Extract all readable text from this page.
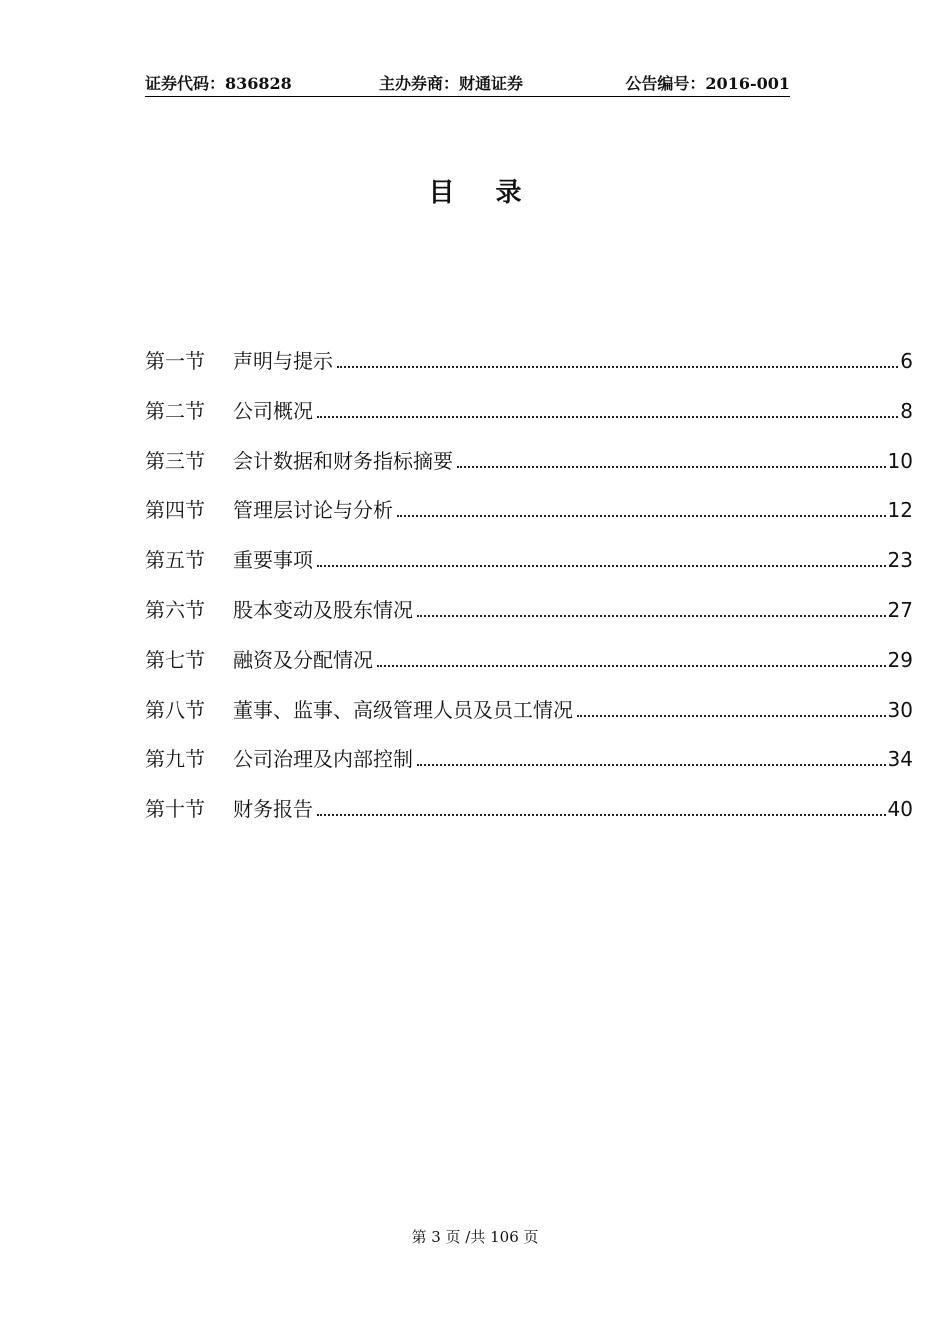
证券代码：836828	主办券商：财通证券	公告编号：2016-001
目 录
第一节	声明与提示	6
第二节	公司概况	8
第三节	会计数据和财务指标摘要	10
第四节	管理层讨论与分析	12
第五节	重要事项	23
第六节	股本变动及股东情况	27
第七节	融资及分配情况	29
第八节	董事、监事、高级管理人员及员工情况	30
第九节	公司治理及内部控制	34
第十节	财务报告	40
第 3 页 /共 106 页
